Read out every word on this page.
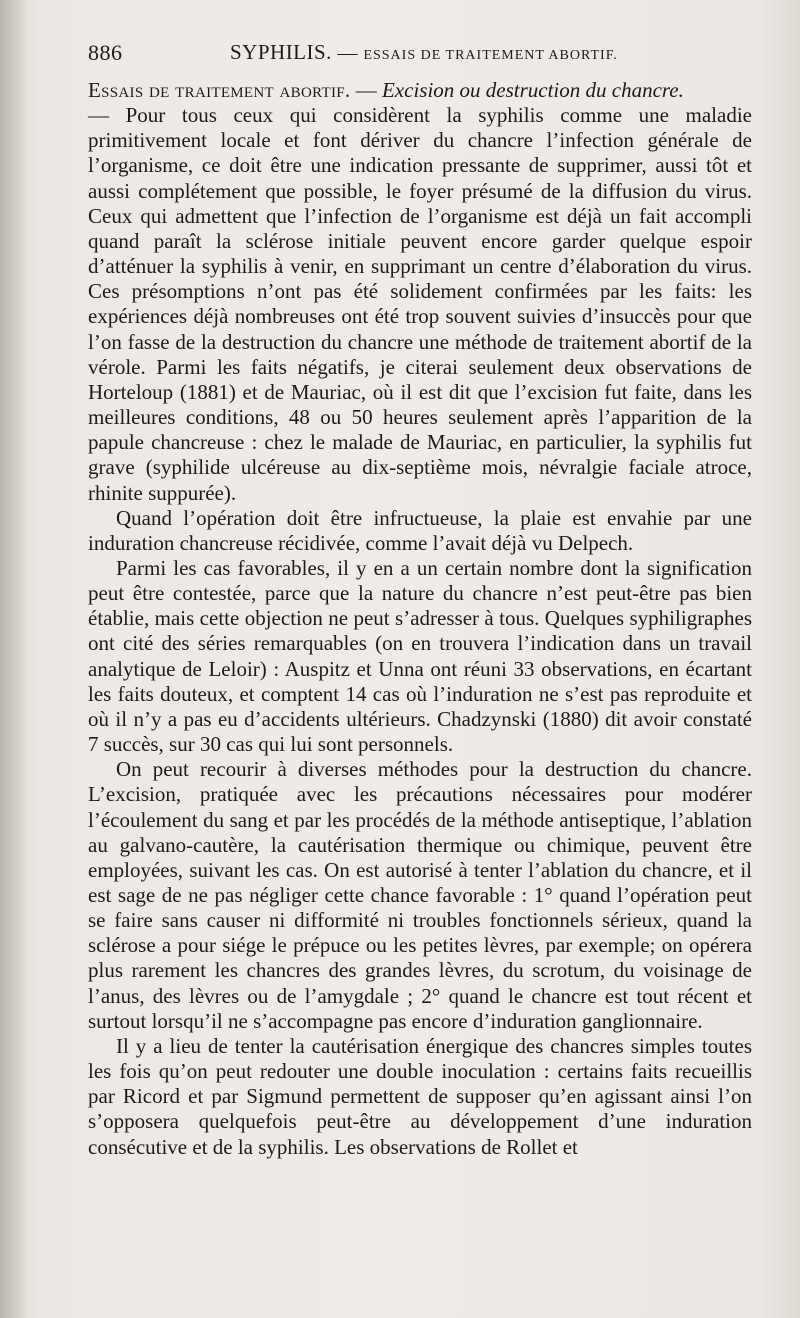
886	SYPHILIS. — ESSAIS DE TRAITEMENT ABORTIF.

Essais de traitement abortif. — Excision ou destruction du chancre.

— Pour tous ceux qui considèrent la syphilis comme une maladie primitivement locale et font dériver du chancre l’infection générale de l’organisme, ce doit être une indication pressante de supprimer, aussi tôt et aussi complétement que possible, le foyer présumé de la diffusion du virus. Ceux qui admettent que l’infection de l’organisme est déjà un fait accompli quand paraît la sclérose initiale peuvent encore garder quelque espoir d’atténuer la syphilis à venir, en supprimant un centre d’élaboration du virus. Ces présomptions n’ont pas été solidement confirmées par les faits: les expériences déjà nombreuses ont été trop souvent suivies d’insuccès pour que l’on fasse de la destruction du chancre une méthode de traitement abortif de la vérole. Parmi les faits négatifs, je citerai seulement deux observations de Horteloup (1881) et de Mauriac, où il est dit que l’excision fut faite, dans les meilleures conditions, 48 ou 50 heures seulement après l’apparition de la papule chancreuse : chez le malade de Mauriac, en particulier, la syphilis fut grave (syphilide ulcéreuse au dix-septième mois, névralgie faciale atroce, rhinite suppurée).

Quand l’opération doit être infructueuse, la plaie est envahie par une induration chancreuse récidivée, comme l’avait déjà vu Delpech.

Parmi les cas favorables, il y en a un certain nombre dont la signification peut être contestée, parce que la nature du chancre n’est peut-être pas bien établie, mais cette objection ne peut s’adresser à tous. Quelques syphiligraphes ont cité des séries remarquables (on en trouvera l’indication dans un travail analytique de Leloir) : Auspitz et Unna ont réuni 33 observations, en écartant les faits douteux, et comptent 14 cas où l’induration ne s’est pas reproduite et où il n’y a pas eu d’accidents ultérieurs. Chadzynski (1880) dit avoir constaté 7 succès, sur 30 cas qui lui sont personnels.

On peut recourir à diverses méthodes pour la destruction du chancre. L’excision, pratiquée avec les précautions nécessaires pour modérer l’écoulement du sang et par les procédés de la méthode antiseptique, l’ablation au galvano-cautère, la cautérisation thermique ou chimique, peuvent être employées, suivant les cas. On est autorisé à tenter l’ablation du chancre, et il est sage de ne pas négliger cette chance favorable : 1° quand l’opération peut se faire sans causer ni difformité ni troubles fonctionnels sérieux, quand la sclérose a pour siége le prépuce ou les petites lèvres, par exemple; on opérera plus rarement les chancres des grandes lèvres, du scrotum, du voisinage de l’anus, des lèvres ou de l’amygdale ; 2° quand le chancre est tout récent et surtout lorsqu’il ne s’accompagne pas encore d’induration ganglionnaire.

Il y a lieu de tenter la cautérisation énergique des chancres simples toutes les fois qu’on peut redouter une double inoculation : certains faits recueillis par Ricord et par Sigmund permettent de supposer qu’en agissant ainsi l’on s’opposera quelquefois peut-être au développement d’une induration consécutive et de la syphilis. Les observations de Rollet et
